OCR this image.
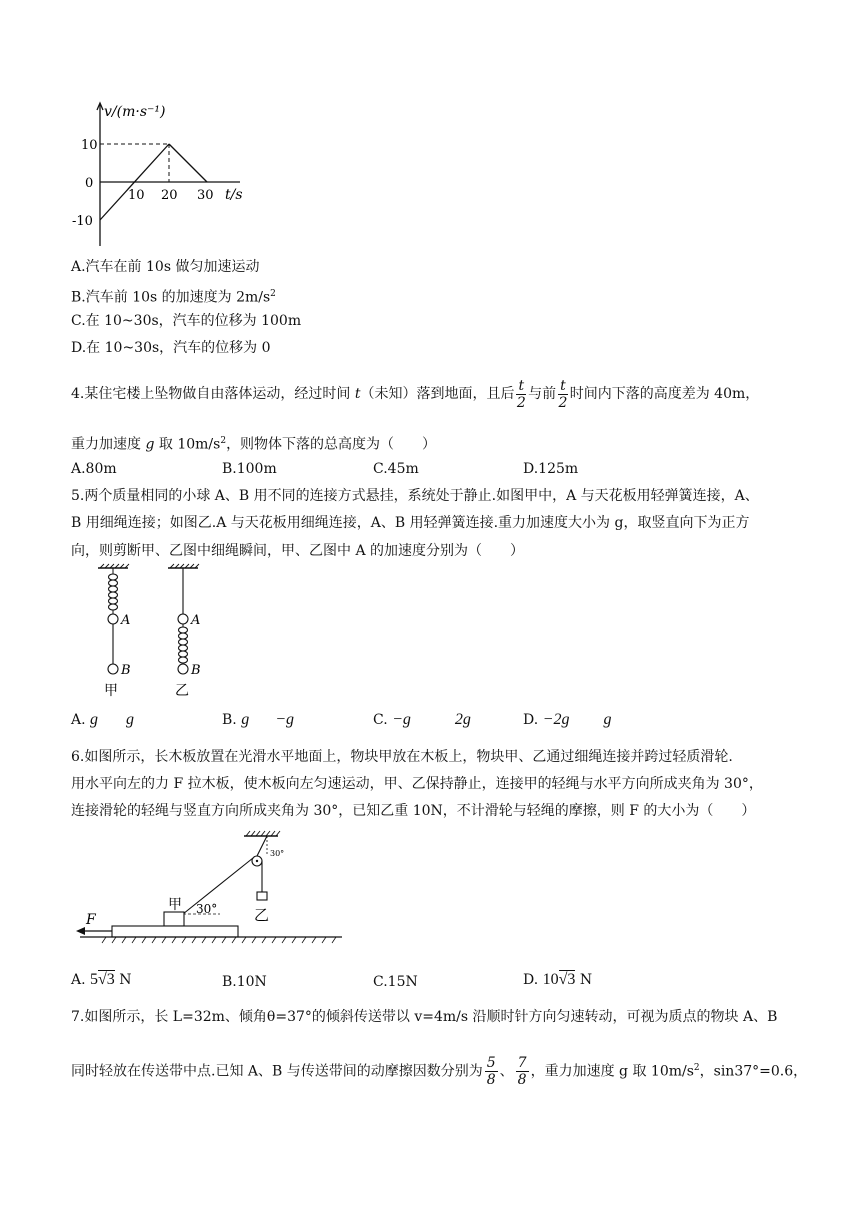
v/(m·s⁻¹)
10
0
-10
10 20 30 t/s
A.汽车在前 10s 做匀加速运动
B.汽车前 10s 的加速度为 $2m/s^2$
C.在 10~30s，汽车的位移为 100m
D.在 10~30s，汽车的位移为 0
4.某住宅楼上坠物做自由落体运动，经过时间 t（未知）落到地面，且后 $\frac{t}{2}$ 与前 $\frac{t}{2}$ 时间内下落的高度差为 40m，
重力加速度 g 取 $10m/s^2$，则物体下落的总高度为（　　）
A.80m	B.100m	C.45m	D.125m
5.两个质量相同的小球 A、B 用不同的连接方式悬挂，系统处于静止.如图甲中，A 与天花板用轻弹簧连接，A、
B 用细绳连接；如图乙.A 与天花板用细绳连接，A、B 用轻弹簧连接.重力加速度大小为 g，取竖直向下为正方
向，则剪断甲、乙图中细绳瞬间，甲、乙图中 A 的加速度分别为（　　）
A
B
甲
A
B
乙
A. g g	B. g −g	C. −g	2g	D. −2g g
6.如图所示，长木板放置在光滑水平地面上，物块甲放在木板上，物块甲、乙通过细绳连接并跨过轻质滑轮.
用水平向左的力 F 拉木板，使木板向左匀速运动，甲、乙保持静止，连接甲的轻绳与水平方向所成夹角为 30°，
连接滑轮的轻绳与竖直方向所成夹角为 30°，已知乙重 10N，不计滑轮与轻绳的摩擦，则 F 的大小为（　　）
30°
乙
30°
甲
F
A. 5√3 N	B.10N	C.15N	D. 10√3 N
7.如图所示，长 L=32m、倾角θ=37°的倾斜传送带以 v=4m/s 沿顺时针方向匀速转动，可视为质点的物块 A、B
同时轻放在传送带中点.已知 A、B 与传送带间的动摩擦因数分别为 $\frac{5}{8}$ 、 $\frac{7}{8}$ ，重力加速度 g 取 $10m/s^2$，sin37°=0.6，
